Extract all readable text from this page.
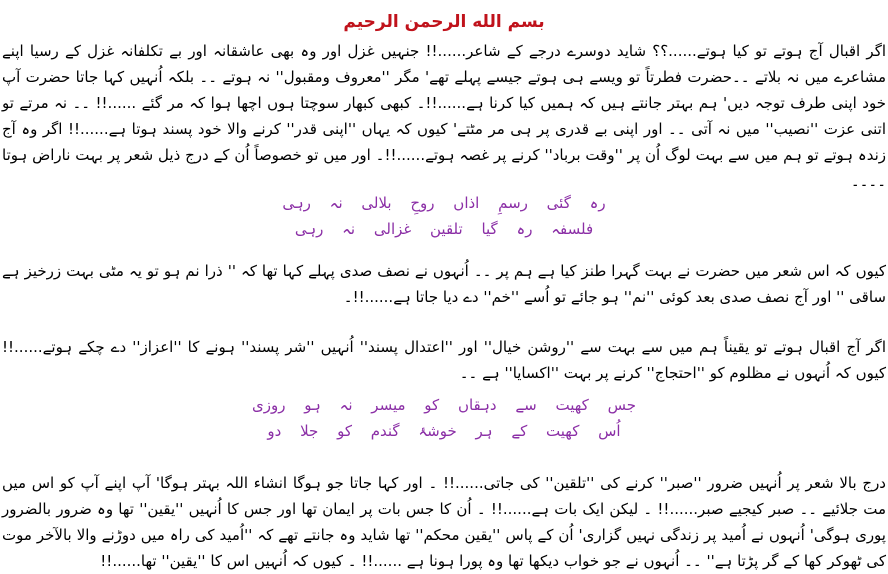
بسم الله الرحمن الرحیم

اگر اقبال آج ہوتے تو کیا ہوتے......؟؟ شاید دوسرے درجے کے شاعر......!! جنہیں غزل اور وہ بھی عاشقانہ اور بے تکلفانہ غزل کے رسیا اپنے مشاعرے میں نہ بلاتے ۔۔حضرت فطرتاً تو ویسے ہی ہوتے جیسے پہلے تھے' مگر ''معروف ومقبول'' نہ ہوتے ۔۔ بلکہ اُنہیں کہا جاتا حضرت آپ خود اپنی طرف توجہ دیں' ہم بہتر جانتے ہیں کہ ہمیں کیا کرنا ہے......!!۔ کبھی کبھار سوچتا ہوں اچھا ہوا کہ مر گئے ......!! ۔۔ نہ مرتے تو اتنی عزت ''نصیب'' میں نہ آتی ۔۔ اور اپنی بے قدری پر ہی مر مٹتے' کیوں کہ یہاں ''اپنی قدر'' کرنے والا خود پسند ہوتا ہے......!! اگر وہ آج زندہ ہوتے تو ہم میں سے بہت لوگ اُن پر ''وقت برباد'' کرنے پر غصہ ہوتے......!!۔ اور میں تو خصوصاً اُن کے درج ذیل شعر پر بہت ناراض ہوتا ۔۔۔۔

رہ گئی رسمِ اذاں روحِ بلالی نہ رہی
فلسفہ رہ گیا تلقین غزالی نہ رہی

کیوں کہ اس شعر میں حضرت نے بہت گہرا طنز کیا ہے ہم پر ۔۔ اُنہوں نے نصف صدی پہلے کہا تھا کہ '' ذرا نم ہو تو یہ مٹی بہت زرخیز ہے ساقی '' اور آج نصف صدی بعد کوئی ''نم'' ہو جائے تو اُسے ''خم'' دے دیا جاتا ہے......!!۔

اگر آج اقبال ہوتے تو یقیناً ہم میں سے بہت سے ''روشن خیال'' اور ''اعتدال پسند'' اُنہیں ''شر پسند'' ہونے کا ''اعزاز'' دے چکے ہوتے......!! کیوں کہ اُنہوں نے مظلوم کو ''احتجاج'' کرنے پر بہت ''اکسایا'' ہے ۔۔

جس کھیت سے دہقاں کو میسر نہ ہو روزی
اُس کھیت کے ہر خوشۂ گندم کو جلا دو

درج بالا شعر پر اُنہیں ضرور ''صبر'' کرنے کی ''تلقین'' کی جاتی......!! ۔ اور کہا جاتا جو ہوگا انشاء اللہ بہتر ہوگا' آپ اپنے آپ کو اس میں مت جلائیے ۔۔ صبر کیجیے صبر......!! ۔ لیکن ایک بات ہے......!! ۔ اُن کا جس بات پر ایمان تھا اور جس کا اُنہیں ''یقین'' تھا وہ ضرور بالضرور پوری ہوگی' اُنہوں نے اُمید پر زندگی نہیں گزاری' اُن کے پاس ''یقین محکم'' تھا شاید وہ جانتے تھے کہ ''اُمید کی راہ میں دوڑنے والا بالآخر موت کی ٹھوکر کھا کے گر پڑتا ہے'' ۔۔ اُنہوں نے جو خواب دیکھا تھا وہ پورا ہونا ہے ......!! ۔ کیوں کہ اُنہیں اس کا ''یقین'' تھا......!!
